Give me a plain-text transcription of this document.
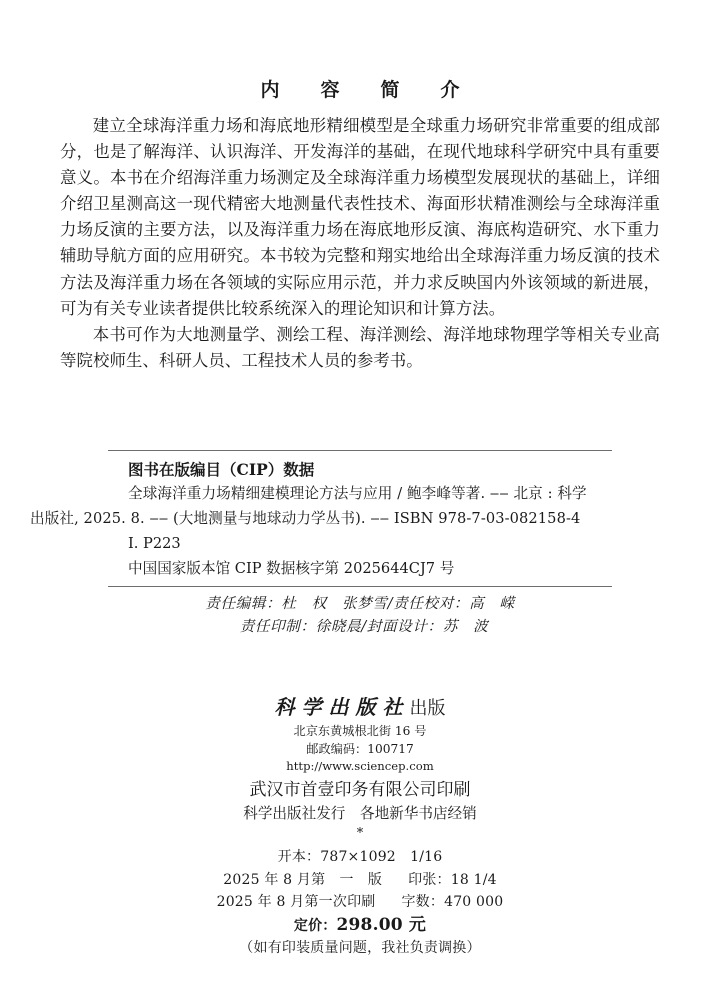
内　容　简　介

建立全球海洋重力场和海底地形精细模型是全球重力场研究非常重要的组成部分，也是了解海洋、认识海洋、开发海洋的基础，在现代地球科学研究中具有重要意义。本书在介绍海洋重力场测定及全球海洋重力场模型发展现状的基础上，详细介绍卫星测高这一现代精密大地测量代表性技术、海面形状精准测绘与全球海洋重力场反演的主要方法，以及海洋重力场在海底地形反演、海底构造研究、水下重力辅助导航方面的应用研究。本书较为完整和翔实地给出全球海洋重力场反演的技术方法及海洋重力场在各领域的实际应用示范，并力求反映国内外该领域的新进展，可为有关专业读者提供比较系统深入的理论知识和计算方法。

本书可作为大地测量学、测绘工程、海洋测绘、海洋地球物理学等相关专业高等院校师生、科研人员、工程技术人员的参考书。

图书在版编目（CIP）数据
全球海洋重力场精细建模理论方法与应用 / 鲍李峰等著. ‒‒ 北京 : 科学
出版社, 2025. 8. ‒‒ (大地测量与地球动力学丛书). ‒‒ ISBN 978-7-03-082158-4
Ⅰ. P223
中国国家版本馆 CIP 数据核字第 2025644CJ7 号
责任编辑：杜　权　张梦雪/责任校对：高　嵘
责任印制：徐晓晨/封面设计：苏　波
科学出版社出版
北京东黄城根北街 16 号
邮政编码：100717
http://www.sciencep.com
武汉市首壹印务有限公司印刷
科学出版社发行　各地新华书店经销
*
开本：787×1092　1/16
2025 年 8 月第　一　版 印张：18 1/4
2025 年 8 月第一次印刷 字数：470 000
定价：298.00 元
（如有印装质量问题，我社负责调换）
